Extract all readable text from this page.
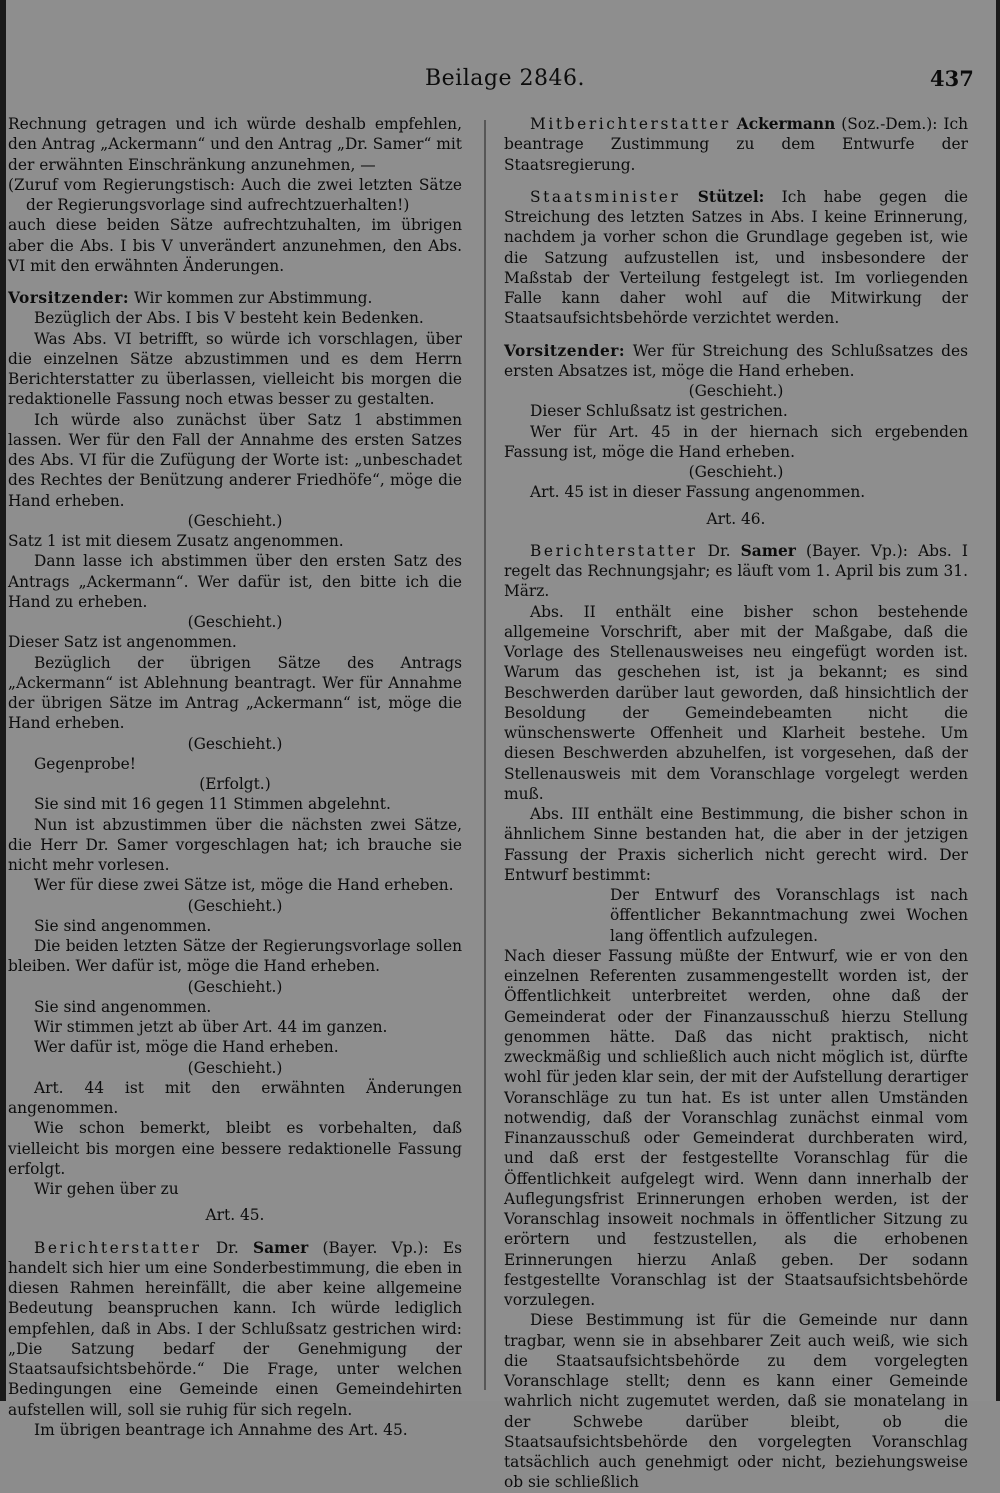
Beilage 2846.	437

Rechnung getragen und ich würde deshalb empfehlen, den Antrag „Ackermann“ und den Antrag „Dr. Samer“ mit der erwähnten Einschränkung anzunehmen, —

(Zuruf vom Regierungstisch: Auch die zwei letzten Sätze der Regierungsvorlage sind aufrechtzuerhalten!)

auch diese beiden Sätze aufrechtzuhalten, im übrigen aber die Abs. I bis V unverändert anzunehmen, den Abs. VI mit den erwähnten Änderungen.

Vorsitzender: Wir kommen zur Abstimmung.

Bezüglich der Abs. I bis V besteht kein Bedenken.

Was Abs. VI betrifft, so würde ich vorschlagen, über die einzelnen Sätze abzustimmen und es dem Herrn Berichterstatter zu überlassen, vielleicht bis morgen die redaktionelle Fassung noch etwas besser zu gestalten.

Ich würde also zunächst über Satz 1 abstimmen lassen. Wer für den Fall der Annahme des ersten Satzes des Abs. VI für die Zufügung der Worte ist: „unbeschadet des Rechtes der Benützung anderer Friedhöfe“, möge die Hand erheben.

(Geschieht.)

Satz 1 ist mit diesem Zusatz angenommen.

Dann lasse ich abstimmen über den ersten Satz des Antrags „Ackermann“. Wer dafür ist, den bitte ich die Hand zu erheben.

(Geschieht.)

Dieser Satz ist angenommen.

Bezüglich der übrigen Sätze des Antrags „Ackermann“ ist Ablehnung beantragt. Wer für Annahme der übrigen Sätze im Antrag „Ackermann“ ist, möge die Hand erheben.

(Geschieht.)

Gegenprobe!

(Erfolgt.)

Sie sind mit 16 gegen 11 Stimmen abgelehnt.

Nun ist abzustimmen über die nächsten zwei Sätze, die Herr Dr. Samer vorgeschlagen hat; ich brauche sie nicht mehr vorlesen.

Wer für diese zwei Sätze ist, möge die Hand erheben.

(Geschieht.)

Sie sind angenommen.

Die beiden letzten Sätze der Regierungsvorlage sollen bleiben. Wer dafür ist, möge die Hand erheben.

(Geschieht.)

Sie sind angenommen.

Wir stimmen jetzt ab über Art. 44 im ganzen.

Wer dafür ist, möge die Hand erheben.

(Geschieht.)

Art. 44 ist mit den erwähnten Änderungen angenommen.

Wie schon bemerkt, bleibt es vorbehalten, daß vielleicht bis morgen eine bessere redaktionelle Fassung erfolgt.

Wir gehen über zu

Art. 45.

Berichterstatter Dr. Samer (Bayer. Vp.): Es handelt sich hier um eine Sonderbestimmung, die eben in diesen Rahmen hereinfällt, die aber keine allgemeine Bedeutung beanspruchen kann. Ich würde lediglich empfehlen, daß in Abs. I der Schlußsatz gestrichen wird: „Die Satzung bedarf der Genehmigung der Staatsaufsichtsbehörde.“ Die Frage, unter welchen Bedingungen eine Gemeinde einen Gemeindehirten aufstellen will, soll sie ruhig für sich regeln.

Im übrigen beantrage ich Annahme des Art. 45.

Mitberichterstatter Ackermann (Soz.-Dem.): Ich beantrage Zustimmung zu dem Entwurfe der Staatsregierung.

Staatsminister Stützel: Ich habe gegen die Streichung des letzten Satzes in Abs. I keine Erinnerung, nachdem ja vorher schon die Grundlage gegeben ist, wie die Satzung aufzustellen ist, und insbesondere der Maßstab der Verteilung festgelegt ist. Im vorliegenden Falle kann daher wohl auf die Mitwirkung der Staatsaufsichtsbehörde verzichtet werden.

Vorsitzender: Wer für Streichung des Schlußsatzes des ersten Absatzes ist, möge die Hand erheben.

(Geschieht.)

Dieser Schlußsatz ist gestrichen.

Wer für Art. 45 in der hiernach sich ergebenden Fassung ist, möge die Hand erheben.

(Geschieht.)

Art. 45 ist in dieser Fassung angenommen.

Art. 46.

Berichterstatter Dr. Samer (Bayer. Vp.): Abs. I regelt das Rechnungsjahr; es läuft vom 1. April bis zum 31. März.

Abs. II enthält eine bisher schon bestehende allgemeine Vorschrift, aber mit der Maßgabe, daß die Vorlage des Stellenausweises neu eingefügt worden ist. Warum das geschehen ist, ist ja bekannt; es sind Beschwerden darüber laut geworden, daß hinsichtlich der Besoldung der Gemeindebeamten nicht die wünschenswerte Offenheit und Klarheit bestehe. Um diesen Beschwerden abzuhelfen, ist vorgesehen, daß der Stellenausweis mit dem Voranschlage vorgelegt werden muß.

Abs. III enthält eine Bestimmung, die bisher schon in ähnlichem Sinne bestanden hat, die aber in der jetzigen Fassung der Praxis sicherlich nicht gerecht wird. Der Entwurf bestimmt:

Der Entwurf des Voranschlags ist nach öffentlicher Bekanntmachung zwei Wochen lang öffentlich aufzulegen.

Nach dieser Fassung müßte der Entwurf, wie er von den einzelnen Referenten zusammengestellt worden ist, der Öffentlichkeit unterbreitet werden, ohne daß der Gemeinderat oder der Finanzausschuß hierzu Stellung genommen hätte. Daß das nicht praktisch, nicht zweckmäßig und schließlich auch nicht möglich ist, dürfte wohl für jeden klar sein, der mit der Aufstellung derartiger Voranschläge zu tun hat. Es ist unter allen Umständen notwendig, daß der Voranschlag zunächst einmal vom Finanzausschuß oder Gemeinderat durchberaten wird, und daß erst der festgestellte Voranschlag für die Öffentlichkeit aufgelegt wird. Wenn dann innerhalb der Auflegungsfrist Erinnerungen erhoben werden, ist der Voranschlag insoweit nochmals in öffentlicher Sitzung zu erörtern und festzustellen, als die erhobenen Erinnerungen hierzu Anlaß geben. Der sodann festgestellte Voranschlag ist der Staatsaufsichtsbehörde vorzulegen.

Diese Bestimmung ist für die Gemeinde nur dann tragbar, wenn sie in absehbarer Zeit auch weiß, wie sich die Staatsaufsichtsbehörde zu dem vorgelegten Voranschlage stellt; denn es kann einer Gemeinde wahrlich nicht zugemutet werden, daß sie monatelang in der Schwebe darüber bleibt, ob die Staatsaufsichtsbehörde den vorgelegten Voranschlag tatsächlich auch genehmigt oder nicht, beziehungsweise ob sie schließlich
